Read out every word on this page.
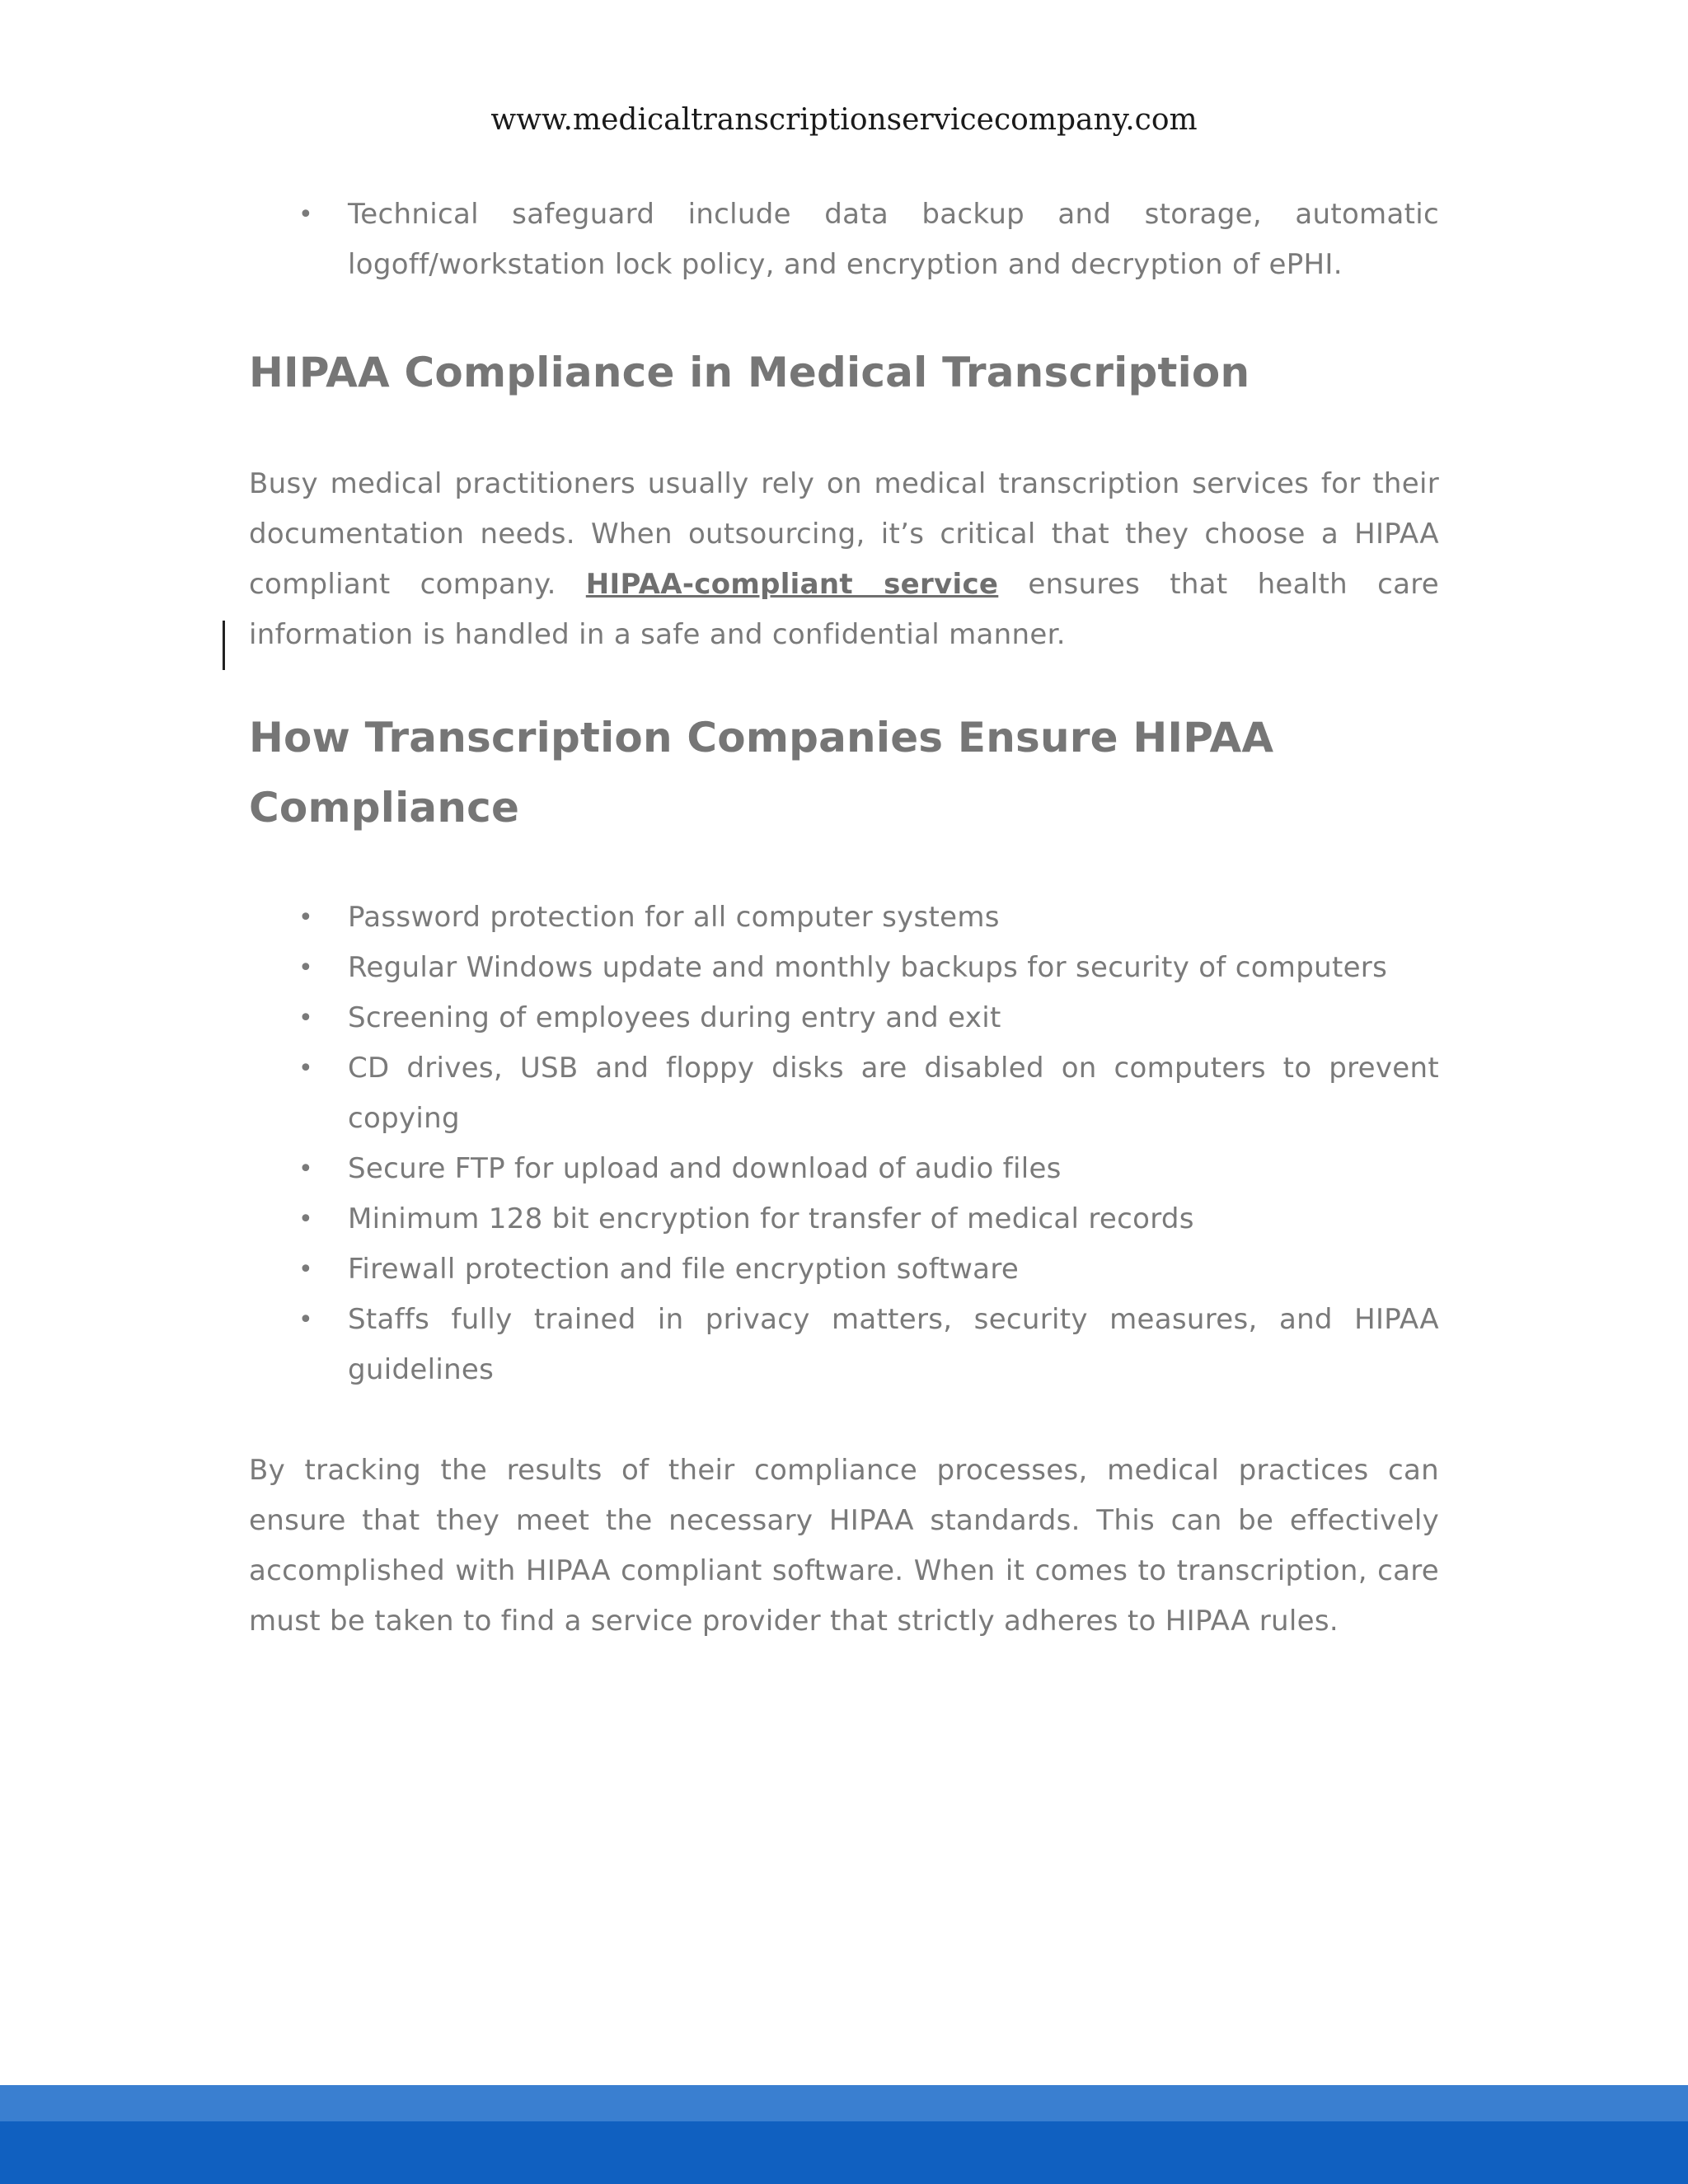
www.medicaltranscriptionservicecompany.com
• Technical safeguard include data backup and storage, automatic logoff/workstation lock policy, and encryption and decryption of ePHI.
HIPAA Compliance in Medical Transcription

Busy medical practitioners usually rely on medical transcription services for their documentation needs. When outsourcing, it’s critical that they choose a HIPAA compliant company. HIPAA-compliant service ensures that health care information is handled in a safe and confidential manner.

How Transcription Companies Ensure HIPAA
Compliance
• Password protection for all computer systems
• Regular Windows update and monthly backups for security of computers
• Screening of employees during entry and exit
• CD drives, USB and floppy disks are disabled on computers to prevent copying
• Secure FTP for upload and download of audio files
• Minimum 128 bit encryption for transfer of medical records
• Firewall protection and file encryption software
• Staffs fully trained in privacy matters, security measures, and HIPAA guidelines

By tracking the results of their compliance processes, medical practices can ensure that they meet the necessary HIPAA standards. This can be effectively accomplished with HIPAA compliant software. When it comes to transcription, care must be taken to find a service provider that strictly adheres to HIPAA rules.
